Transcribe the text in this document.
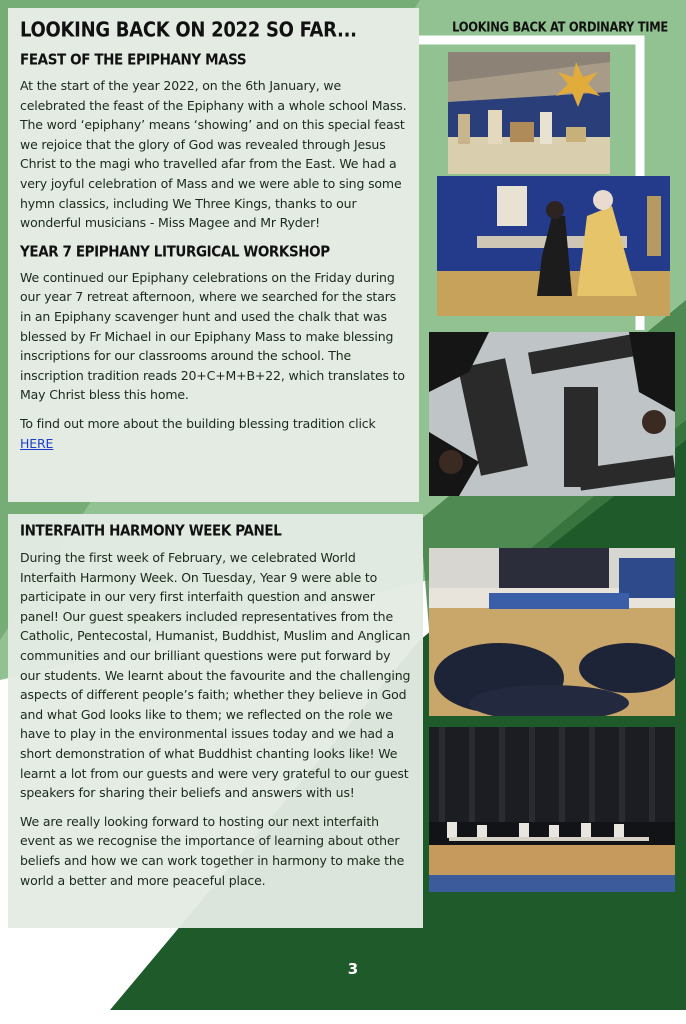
LOOKING BACK AT ORDINARY TIME
LOOKING BACK ON 2022 SO FAR...
FEAST OF THE EPIPHANY MASS

At the start of the year 2022, on the 6th January, we celebrated the feast of the Epiphany with a whole school Mass. The word ‘epiphany’ means ‘showing’ and on this special feast we rejoice that the glory of God was revealed through Jesus Christ to the magi who travelled afar from the East. We had a very joyful celebration of Mass and we were able to sing some hymn classics, including We Three Kings, thanks to our wonderful musicians - Miss Magee and Mr Ryder!

YEAR 7 EPIPHANY LITURGICAL WORKSHOP

We continued our Epiphany celebrations on the Friday during our year 7 retreat afternoon, where we searched for the stars in an Epiphany scavenger hunt and used the chalk that was blessed by Fr Michael in our Epiphany Mass to make blessing inscriptions for our classrooms around the school. The inscription tradition reads 20+C+M+B+22, which translates to May Christ bless this home.

To find out more about the building blessing tradition click HERE

INTERFAITH HARMONY WEEK PANEL

During the first week of February, we celebrated World Interfaith Harmony Week. On Tuesday, Year 9 were able to participate in our very first interfaith question and answer panel! Our guest speakers included representatives from the Catholic, Pentecostal, Humanist, Buddhist, Muslim and Anglican communities and our brilliant questions were put forward by our students. We learnt about the favourite and the challenging aspects of different people’s faith; whether they believe in God and what God looks like to them; we reflected on the role we have to play in the environmental issues today and we had a short demonstration of what Buddhist chanting looks like! We learnt a lot from our guests and were very grateful to our guest speakers for sharing their beliefs and answers with us!

We are really looking forward to hosting our next interfaith event as we recognise the importance of learning about other beliefs and how we can work together in harmony to make the world a better and more peaceful place.

3
